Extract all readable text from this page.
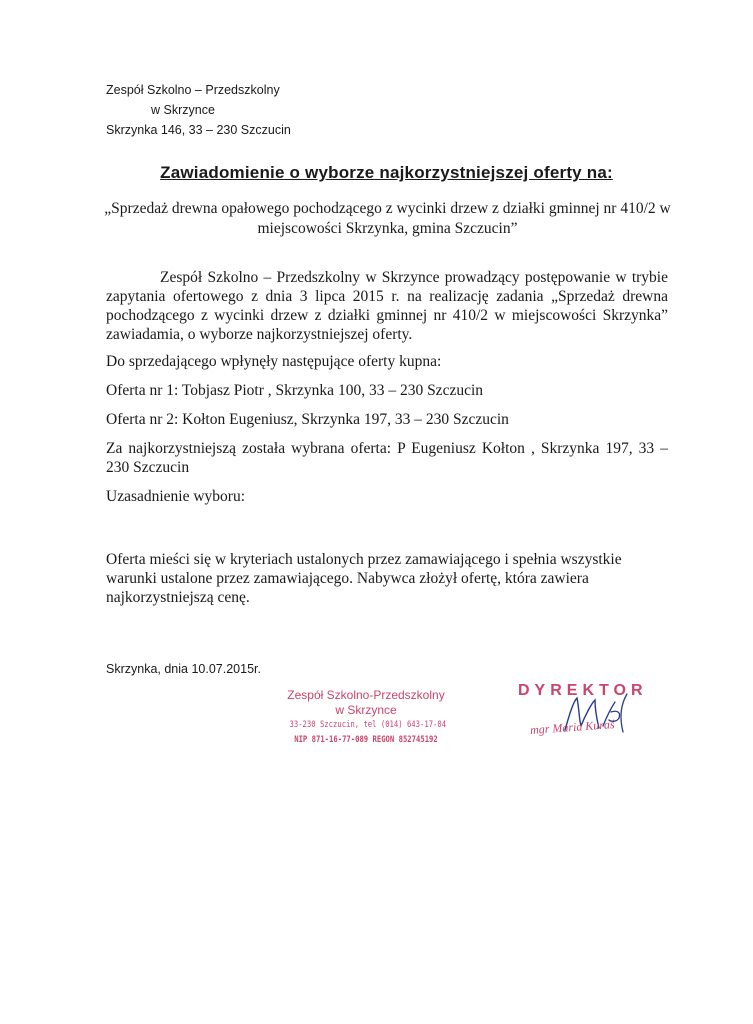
Zespół Szkolno – Przedszkolny
w Skrzynce
Skrzynka 146, 33 – 230 Szczucin
Zawiadomienie o wyborze najkorzystniejszej oferty na:
„Sprzedaż drewna opałowego pochodzącego z wycinki drzew z działki gminnej nr 410/2 w miejscowości Skrzynka, gmina Szczucin”

Zespół Szkolno – Przedszkolny w Skrzynce prowadzący postępowanie w trybie zapytania ofertowego z dnia 3 lipca 2015 r. na realizację zadania „Sprzedaż drewna pochodzącego z wycinki drzew z działki gminnej nr 410/2 w miejscowości Skrzynka” zawiadamia, o wyborze najkorzystniejszej oferty.

Do sprzedającego wpłynęły następujące oferty kupna:

Oferta nr 1: Tobjasz Piotr , Skrzynka 100, 33 – 230 Szczucin

Oferta nr 2: Kołton Eugeniusz, Skrzynka 197, 33 – 230 Szczucin

Za najkorzystniejszą została wybrana oferta: P Eugeniusz Kołton , Skrzynka 197, 33 – 230 Szczucin

Uzasadnienie wyboru:

Oferta mieści się w kryteriach ustalonych przez zamawiającego i spełnia wszystkie warunki ustalone przez zamawiającego. Nabywca złożył ofertę, która zawiera najkorzystniejszą cenę.

Skrzynka, dnia 10.07.2015r.
Zespół Szkolno-Przedszkolny
w Skrzynce
33-230 Szczucin, tel (014) 643-17-04
NIP 871-16-77-089 REGON 852745192
DYREKTOR
mgr Maria Kuraś
